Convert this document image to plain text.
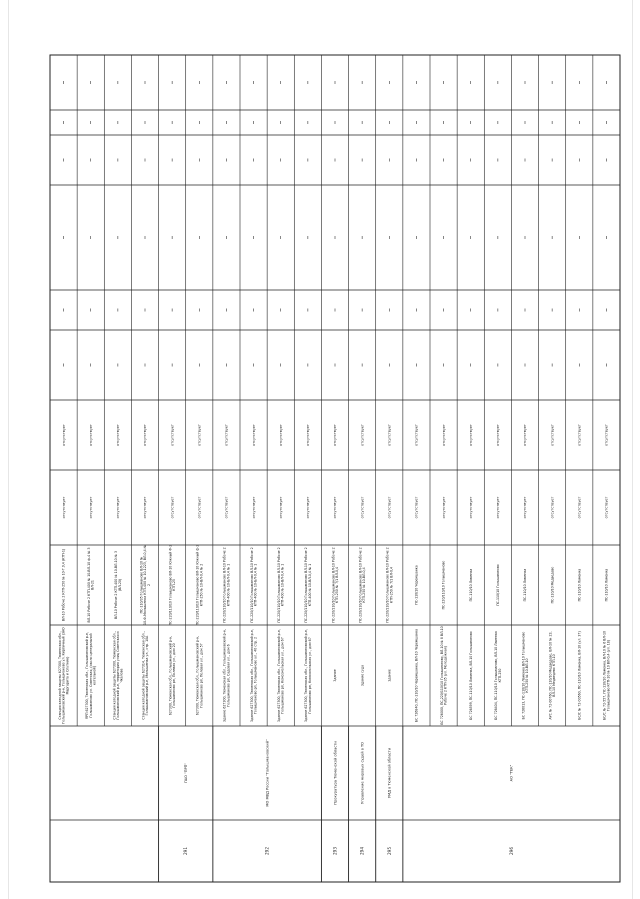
Станция катодной защиты 627300, Тюменская обл.,Голышмановский р-н, Голышманово ул. Кирпичный (ЗАОМаргарита и Спутник)
ВЛ-10 Рабоче 2 КТП-250 № 10-Т.9,4 (КТП-1)
отсутствует
отсутствует
ЯРП 627300, Тюменская обл., Голышмановский р-н,Голышманово ул. Советская, (около центральнойкотельной)
ВЛ-10 Рабоче 2 КТП-400 № 10-ВЛ-10 ф-4 № 3ВЛ-21
отсутствует
отсутствует
Станция катодной защиты 627300, Тюменская обл.,Голышмановский р-н, территория улиц Советская иЧкалова
ВЛ-10 Рабоче 2 КТП-400 № 10-ВЛ-10 № 3(ВЛ-20)
отсутствует
отсутствует
Станция катодной защиты 627314, Тюменская обл.,Голышмановский р-н, Малышенка ул., стр. 10А
ПС-110/35 Голышманово ВЛ-10 №10-Ф-Малышенка КТП-400 № 10-1223, ВЛ-0,4 №2
отсутствует
отсутствует
627300, Тюменская обл., Голышмановский р-н,Голышманово рп, Полевая ул., дом 20
ПС-220/110/10 Голышманово ВЛ-10 Южный Ф-2КТП-25
отсутствует
отсутствует
627300, Тюменская обл., Голышмановский р-н,Голышманово рп, Полевая ул., дом 57
ПС-220/110/10 Голышманово ВЛ-10 Южный ф-2КТП-250 № 10-ВЛ-0,4 № 2
отсутствует
отсутствует
291
ПАО "ПРП"
Здание 627300, Тюменская обл., Голышмановский р-н,Голышманово рп, Садовая ул., дом 6
ПС-220/110/10 Голышманово ВЛ-10 Рабоче 2КТП-400 № 10-БЛ-0,4 № 1
отсутствует
отсутствует
Здание 627300, Тюменская обл., Голышмановский р-н,Голышманово рп, Голышманово ул., 40 стр. 2
ПС-220/110/10 Голышманово ВЛ-10 Рабоче 2КТП-400 № 10-БЛ-0,4 № 1
отсутствует
отсутствует
Здание 627300, Тюменская обл., Голышмановский р-н,Голышманово рп, Комсомольская ул., дом 67
ПС-220/110/10 Голышманово ВЛ-10 Рабоче 2КТП-400 № 10-ВЛ-0,4 № 1
отсутствует
отсутствует
Здание 627300, Тюменская обл., Голышмановский р-н,Голышманово рп, Комсомольская ул., дом 67
ПС-220/110/10 Голышманово ВЛ-10 Рабоче 2КТП-400 № 10-ВЛ-0,4 № 1
отсутствует
отсутствует
292
МО МВД России "Голышмановский"
Здание
ПС-220/110/10 Голышманово ВЛ-10 Рабоче 2КТП-250 № 7/1 ВЛ-0,4
отсутствует
отсутствует
293
Прокуратура Тюменской области
Здание суда
ПС-220/110/10 Голышманово ВЛ-10 Рабоче 2КТП-250 № 10-ВЛ-0,4
отсутствует
отсутствует
294
Управление мировых судей в ТО
Здание
ПС-220/110/10 Голышманово ВЛ-10 Рабоче 2КТП-250 № 7/1 ВЛ-0,4
отсутствует
отсутствует
295
УМД в Тюменской области
БС 726840, ПС-110/10 Черемшанка, ВЛ-10 Черемшанка
ПС-110/10 Черемшанка
отсутствует
отсутствует
БС 726000, ПС-220/110/10 Голышманово, ВЛ-10 № 8 ВЛ-10Рабоче 2 КТП-35 (ул. Молодёжная)
ПС-220/110/10 Голышманово
отсутствует
отсутствует
БС 726599, ПС-110/10 Ламенка, ВЛ-10 Голышманово
ПС-110/10 Ламенка
отсутствует
отсутствует
БС 726404, ПС-110/10 Голышманово, ВЛ-10 ЛаменкаКТП-250
ПС-110/10 Голышманово
отсутствует
отсутствует
БС 726013, ПС-110/10 Ламенка ВЛ-10 ГолышмановоКТП-250 № 10-ВЛ-10
ПС-110/10 Ламенка
отсутствует
отсутствует
АУС № 72-00760, ПС-110/10 Медведево, ВЛ-10 № 23,ВЛ-10 Медведево КТП-10
ПС-110/10 Медведево
отсутствует
отсутствует
БС/С № 72-00560, ПС-110/10 Ламенка, ВЛ-10 (ул. 37)
ПС-110/10 Ламенка
отсутствует
отсутствует
БС/С № 72-557, ПС-110/10 Ламенка, ВЛ-10 № 6 ВЛ-10Голышманово КТП-10 № 10 ВЛ-0,4 (ул. 18)
ПС-110/10 Ламенка
отсутствует
отсутствует
296
АО "ТЕК"
